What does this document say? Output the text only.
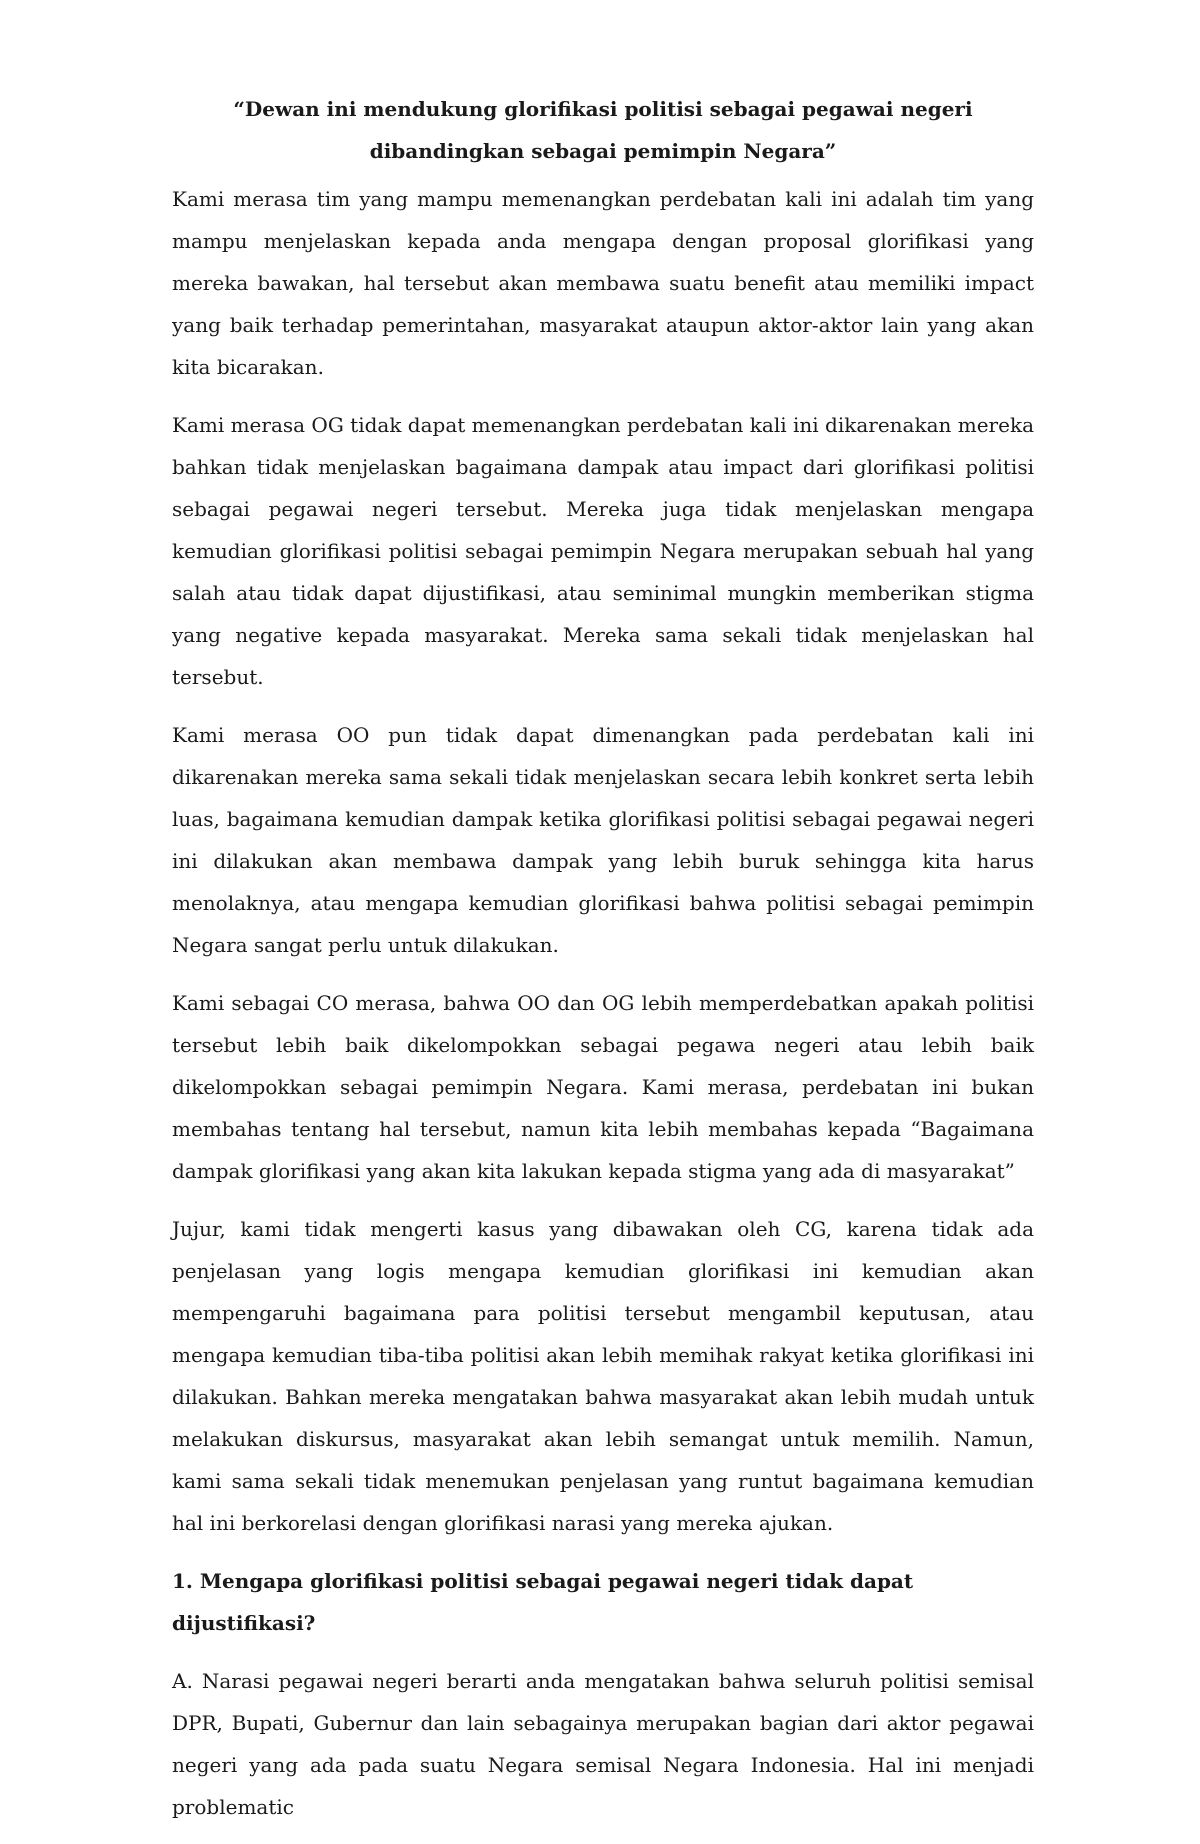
“Dewan ini mendukung glorifikasi politisi sebagai pegawai negeri dibandingkan sebagai pemimpin Negara”

Kami merasa tim yang mampu memenangkan perdebatan kali ini adalah tim yang mampu menjelaskan kepada anda mengapa dengan proposal glorifikasi yang mereka bawakan, hal tersebut akan membawa suatu benefit atau memiliki impact yang baik terhadap pemerintahan, masyarakat ataupun aktor-aktor lain yang akan kita bicarakan.

Kami merasa OG tidak dapat memenangkan perdebatan kali ini dikarenakan mereka bahkan tidak menjelaskan bagaimana dampak atau impact dari glorifikasi politisi sebagai pegawai negeri tersebut. Mereka juga tidak menjelaskan mengapa kemudian glorifikasi politisi sebagai pemimpin Negara merupakan sebuah hal yang salah atau tidak dapat dijustifikasi, atau seminimal mungkin memberikan stigma yang negative kepada masyarakat. Mereka sama sekali tidak menjelaskan hal tersebut.

Kami merasa OO pun tidak dapat dimenangkan pada perdebatan kali ini dikarenakan mereka sama sekali tidak menjelaskan secara lebih konkret serta lebih luas, bagaimana kemudian dampak ketika glorifikasi politisi sebagai pegawai negeri ini dilakukan akan membawa dampak yang lebih buruk sehingga kita harus menolaknya, atau mengapa kemudian glorifikasi bahwa politisi sebagai pemimpin Negara sangat perlu untuk dilakukan.

Kami sebagai CO merasa, bahwa OO dan OG lebih memperdebatkan apakah politisi tersebut lebih baik dikelompokkan sebagai pegawa negeri atau lebih baik dikelompokkan sebagai pemimpin Negara. Kami merasa, perdebatan ini bukan membahas tentang hal tersebut, namun kita lebih membahas kepada “Bagaimana dampak glorifikasi yang akan kita lakukan kepada stigma yang ada di masyarakat”

Jujur, kami tidak mengerti kasus yang dibawakan oleh CG, karena tidak ada penjelasan yang logis mengapa kemudian glorifikasi ini kemudian akan mempengaruhi bagaimana para politisi tersebut mengambil keputusan, atau mengapa kemudian tiba-tiba politisi akan lebih memihak rakyat ketika glorifikasi ini dilakukan. Bahkan mereka mengatakan bahwa masyarakat akan lebih mudah untuk melakukan diskursus, masyarakat akan lebih semangat untuk memilih. Namun, kami sama sekali tidak menemukan penjelasan yang runtut bagaimana kemudian hal ini berkorelasi dengan glorifikasi narasi yang mereka ajukan.

1. Mengapa glorifikasi politisi sebagai pegawai negeri tidak dapat dijustifikasi?

A. Narasi pegawai negeri berarti anda mengatakan bahwa seluruh politisi semisal DPR, Bupati, Gubernur dan lain sebagainya merupakan bagian dari aktor pegawai negeri yang ada pada suatu Negara semisal Negara Indonesia. Hal ini menjadi problematic
